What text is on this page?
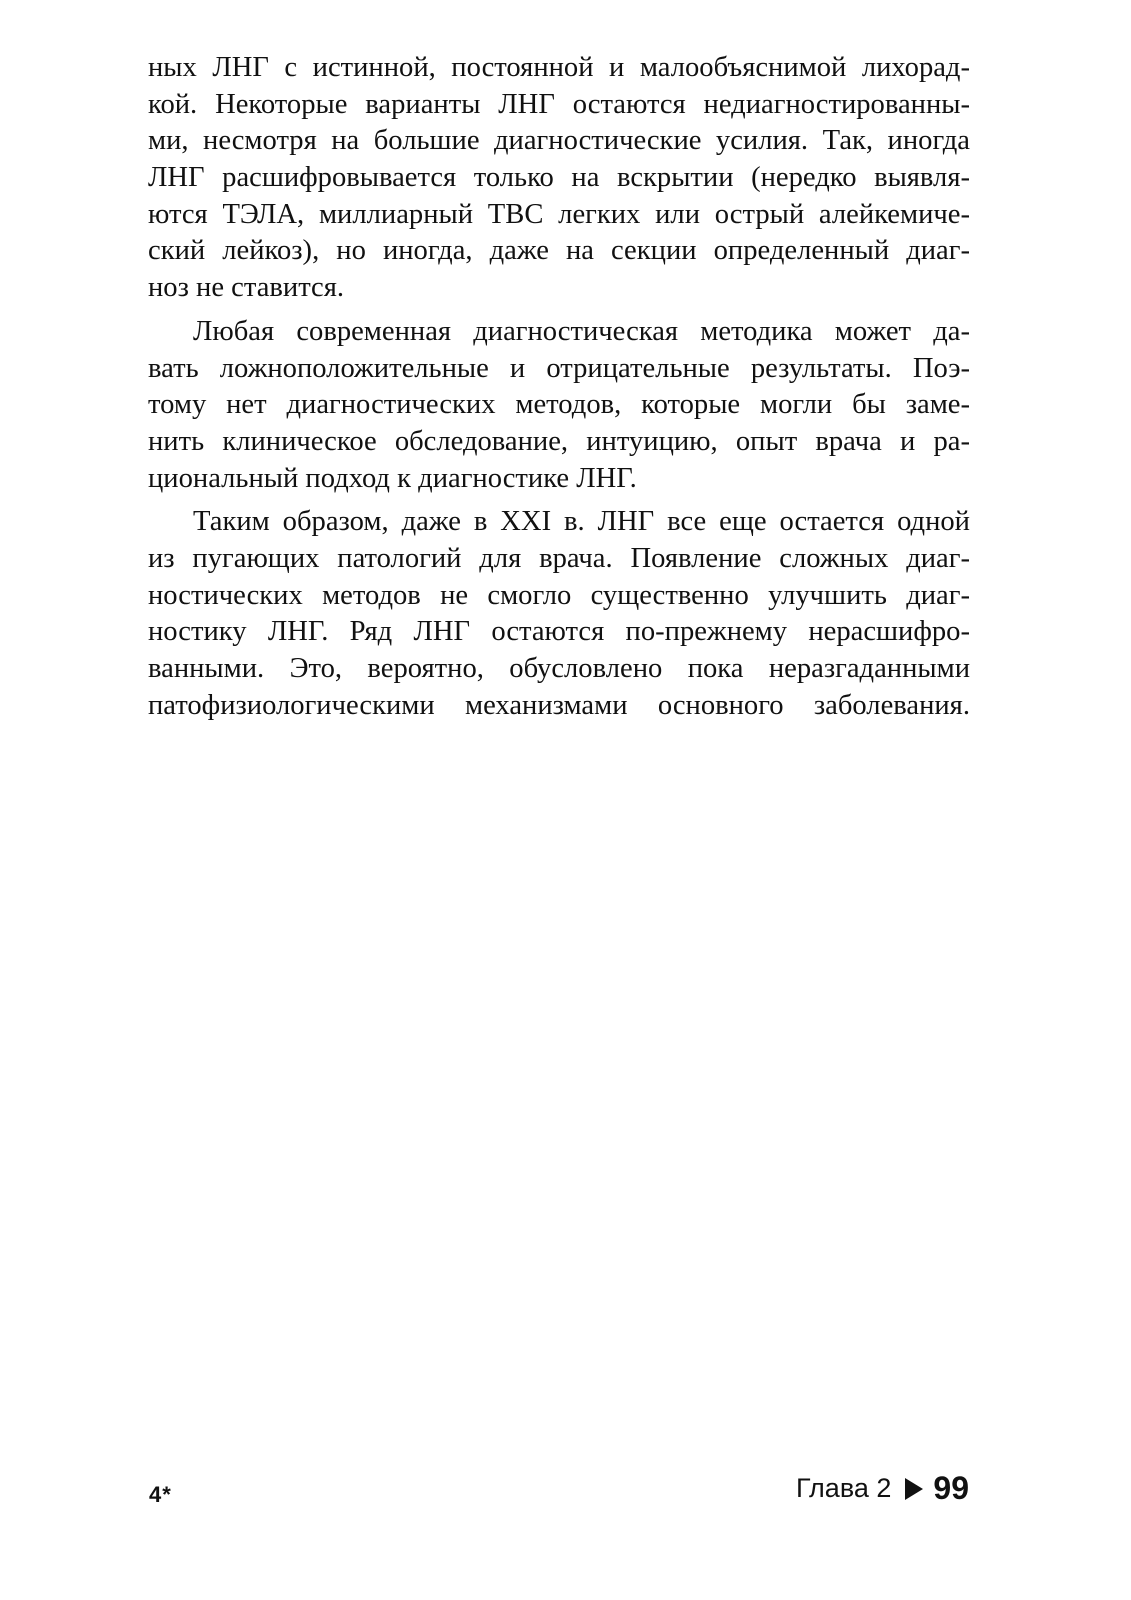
ных ЛНГ с истинной, постоянной и малообъяснимой лихорад-
кой. Некоторые варианты ЛНГ остаются недиагностированны-
ми, несмотря на большие диагностические усилия. Так, иногда
ЛНГ расшифровывается только на вскрытии (нередко выявля-
ются ТЭЛА, миллиарный ТВС легких или острый алейкемиче-
ский лейкоз), но иногда, даже на секции определенный диаг-
ноз не ставится.
Любая современная диагностическая методика может да-
вать ложноположительные и отрицательные результаты. Поэ-
тому нет диагностических методов, которые могли бы заме-
нить клиническое обследование, интуицию, опыт врача и ра-
циональный подход к диагностике ЛНГ.
Таким образом, даже в XXI в. ЛНГ все еще остается одной
из пугающих патологий для врача. Появление сложных диаг-
ностических методов не смогло существенно улучшить диаг-
ностику ЛНГ. Ряд ЛНГ остаются по-прежнему нерасшифро-
ванными. Это, вероятно, обусловлено пока неразгаданными
патофизиологическими механизмами основного заболевания.
4*	Глава 2 99
